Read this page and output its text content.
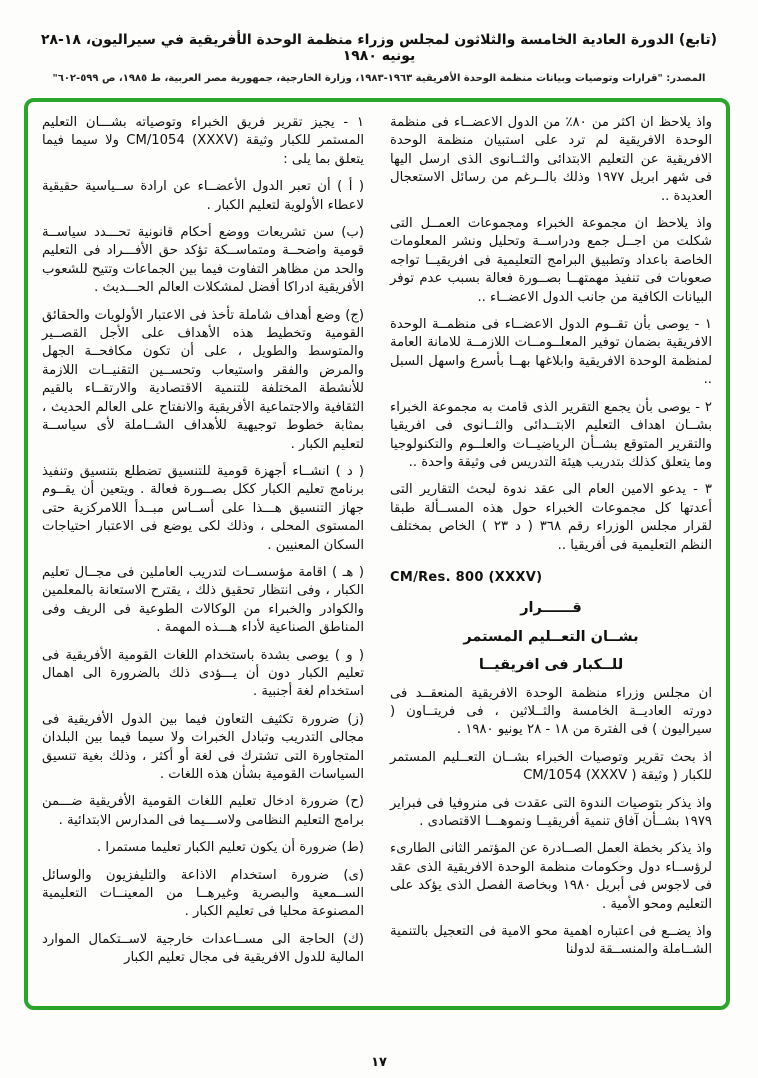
(تابع) الدورة العادية الخامسة والثلاثون لمجلس وزراء منظمة الوحدة الأفريقية في سيراليون، ١٨-٢٨ يونيه ١٩٨٠
المصدر: "قرارات وتوصيات وبيانات منظمة الوحدة الأفريقية ١٩٦٣-١٩٨٣، وزارة الخارجية، جمهورية مصر العربية، ط ١٩٨٥، ص ٥٩٩-٦٠٢"
واذ يلاحظ ان اكثر من ٨٠٪ من الدول الاعضــاء فى منظمة الوحدة الافريقية لم ترد على استبيان منظمة الوحدة الافريقية عن التعليم الابتدائى والثــانوى الذى ارسل اليها فى شهر ابريل ١٩٧٧ وذلك بالــرغم من رسائل الاستعجال العديدة ..
واذ يلاحظ ان مجموعة الخبراء ومجموعات العمــل التى شكلت من اجــل جمع ودراســة وتحليل ونشر المعلومات الخاصة باعداد وتطبيق البرامج التعليمية فى افريقيــا تواجه صعوبات فى تنفيذ مهمتهــا بصــورة فعالة بسبب عدم توفر البيانات الكافية من جانب الدول الاعضــاء ..
١ - يوصى بأن تقــوم الدول الاعضــاء فى منظمــة الوحدة الافريقية بضمان توفير المعلــومــات اللازمــة للامانة العامة لمنظمة الوحدة الافريقية وابلاغها بهــا بأسرع واسهل السبل ..
٢ - يوصى بأن يجمع التقرير الذى قامت به مجموعة الخبراء بشــان اهداف التعليم الابتــدائى والثــانوى فى افريقيا والتقرير المتوقع بشــأن الرياضيــات والعلــوم والتكنولوجيا وما يتعلق كذلك بتدريب هيئة التدريس فى وثيقة واحدة ..
٣ - يدعو الامين العام الى عقد ندوة لبحث التقارير التى أعدتها كل مجموعات الخبراء حول هذه المســألة طبقا لقرار مجلس الوزراء رقم ٣٦٨ ( د ٢٣ ) الخاص بمختلف النظم التعليمية فى أفريقيا ..
CM/Res. 800 (XXXV)
قــــــرار
بشــان التعــليم المستمر
للــكبار فى افريقيــا
ان مجلس وزراء منظمة الوحدة الافريقية المنعقــد فى دورته العاديــة الخامسة والثــلاثين ، فى فريتــاون ( سيراليون ) فى الفترة من ١٨ - ٢٨ يونيو ١٩٨٠ .
اذ بحث تقرير وتوصيات الخبراء بشــان التعــليم المستمر للكبار ( وثيقة CM/1054 (XXXV )
واذ يذكر بتوصيات الندوة التى عقدت فى منروفيا فى فبراير ١٩٧٩ بشــأن آفاق تنمية أفريقيــا ونموهـــا الاقتصادى .
واذ يذكر بخطة العمل الصــادرة عن المؤتمر الثانى الطارىء لرؤســاء دول وحكومات منظمة الوحدة الافريقية الذى عقد فى لاجوس فى أبريل ١٩٨٠ وبخاصة الفصل الذى يؤكد على التعليم ومحو الأمية .
واذ يضــع فى اعتباره اهمية محو الامية فى التعجيل بالتنمية الشــاملة والمنســقة لدولنا
١ - يجيز تقرير فريق الخبراء وتوصياته بشـــان التعليم المستمر للكبار وثيقة CM/1054 (XXXV) ولا سيما فيما يتعلق بما يلى :
( أ ) أن تعبر الدول الأعضــاء عن ارادة ســياسية حقيقية لاعطاء الأولوية لتعليم الكبار .
(ب) سن تشريعات ووضع أحكام قانونية تحـــدد سياســة قومية واضحــة ومتماســكة تؤكد حق الأفـــراد فى التعليم والحد من مظاهر التفاوت فيما بين الجماعات وتتيح للشعوب الأفريقية ادراكا أفضل لمشكلات العالم الحـــديث .
(ج) وضع أهداف شاملة تأخذ فى الاعتبار الأولويات والحقائق القومية وتخطيط هذه الأهداف على الأجل القصــير والمتوسط والطويل ، على أن تكون مكافحــة الجهل والمرض والفقر واستيعاب وتحســين التقنيــات اللازمة للأنشطة المختلفة للتنمية الاقتصادية والارتقــاء بالقيم الثقافية والاجتماعية الأفريقية والانفتاح على العالم الحديث ، بمثابة خطوط توجيهية للأهداف الشــاملة لأى سياســة لتعليم الكبار .
( د ) انشــاء أجهزة قومية للتنسيق تضطلع بتنسيق وتنفيذ برنامج تعليم الكبار ككل بصــورة فعالة . ويتعين أن يقــوم جهاز التنسيق هـــذا على أســاس مبــدأ اللامركزية حتى المستوى المحلى ، وذلك لكى يوضع فى الاعتبار احتياجات السكان المعنيين .
( هـ ) اقامة مؤسســات لتدريب العاملين فى مجــال تعليم الكبار ، وفى انتظار تحقيق ذلك ، يقترح الاستعانة بالمعلمين والكوادر والخبراء من الوكالات الطوعية فى الريف وفى المناطق الصناعية لأداء هـــذه المهمة .
( و ) يوصى بشدة باستخدام اللغات القومية الأفريقية فى تعليم الكبار دون أن يـــؤدى ذلك بالضرورة الى اهمال استخدام لغة أجنبية .
(ز) ضرورة تكثيف التعاون فيما بين الدول الأفريقية فى مجالى التدريب وتبادل الخبرات ولا سيما فيما بين البلدان المتجاورة التى تشترك فى لغة أو أكثر ، وذلك بغية تنسيق السياسات القومية بشأن هذه اللغات .
(ح) ضرورة ادخال تعليم اللغات القومية الأفريقية ضـــمن برامج التعليم النظامى ولاســـيما فى المدارس الابتدائية .
(ط) ضرورة أن يكون تعليم الكبار تعليما مستمرا .
(ى) ضرورة استخدام الاذاعة والتليفزيون والوسائل الســمعية والبصرية وغيرهــا من المعينــات التعليمية المصنوعة محليا فى تعليم الكبار .
(ك) الحاجة الى مســاعدات خارجية لاســتكمال الموارد المالية للدول الافريقية فى مجال تعليم الكبار
١٧
